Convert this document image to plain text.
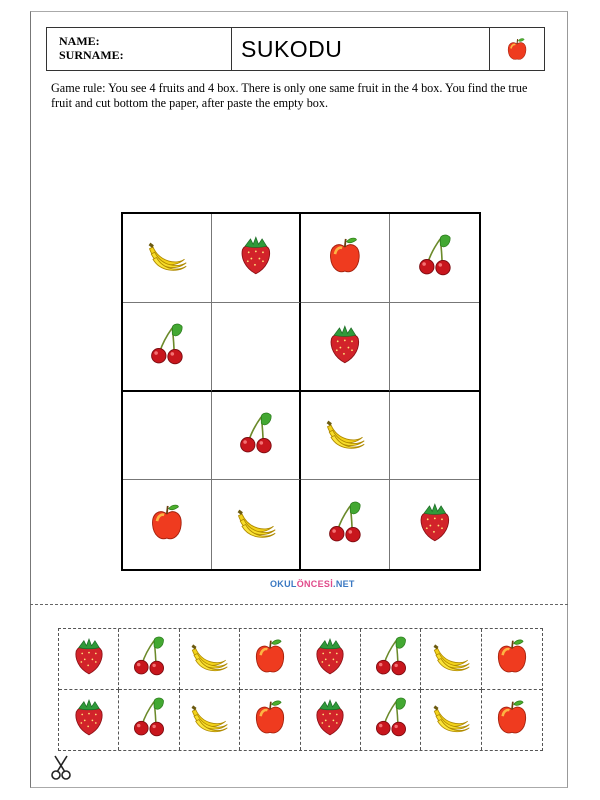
NAME:
SURNAME:	SUKODU
Game rule: You see 4 fruits and 4 box. There is only one same fruit in the 4 box. You find the true fruit and cut bottom the paper, after paste the empty box.
OKULÖNCESİ.NET
